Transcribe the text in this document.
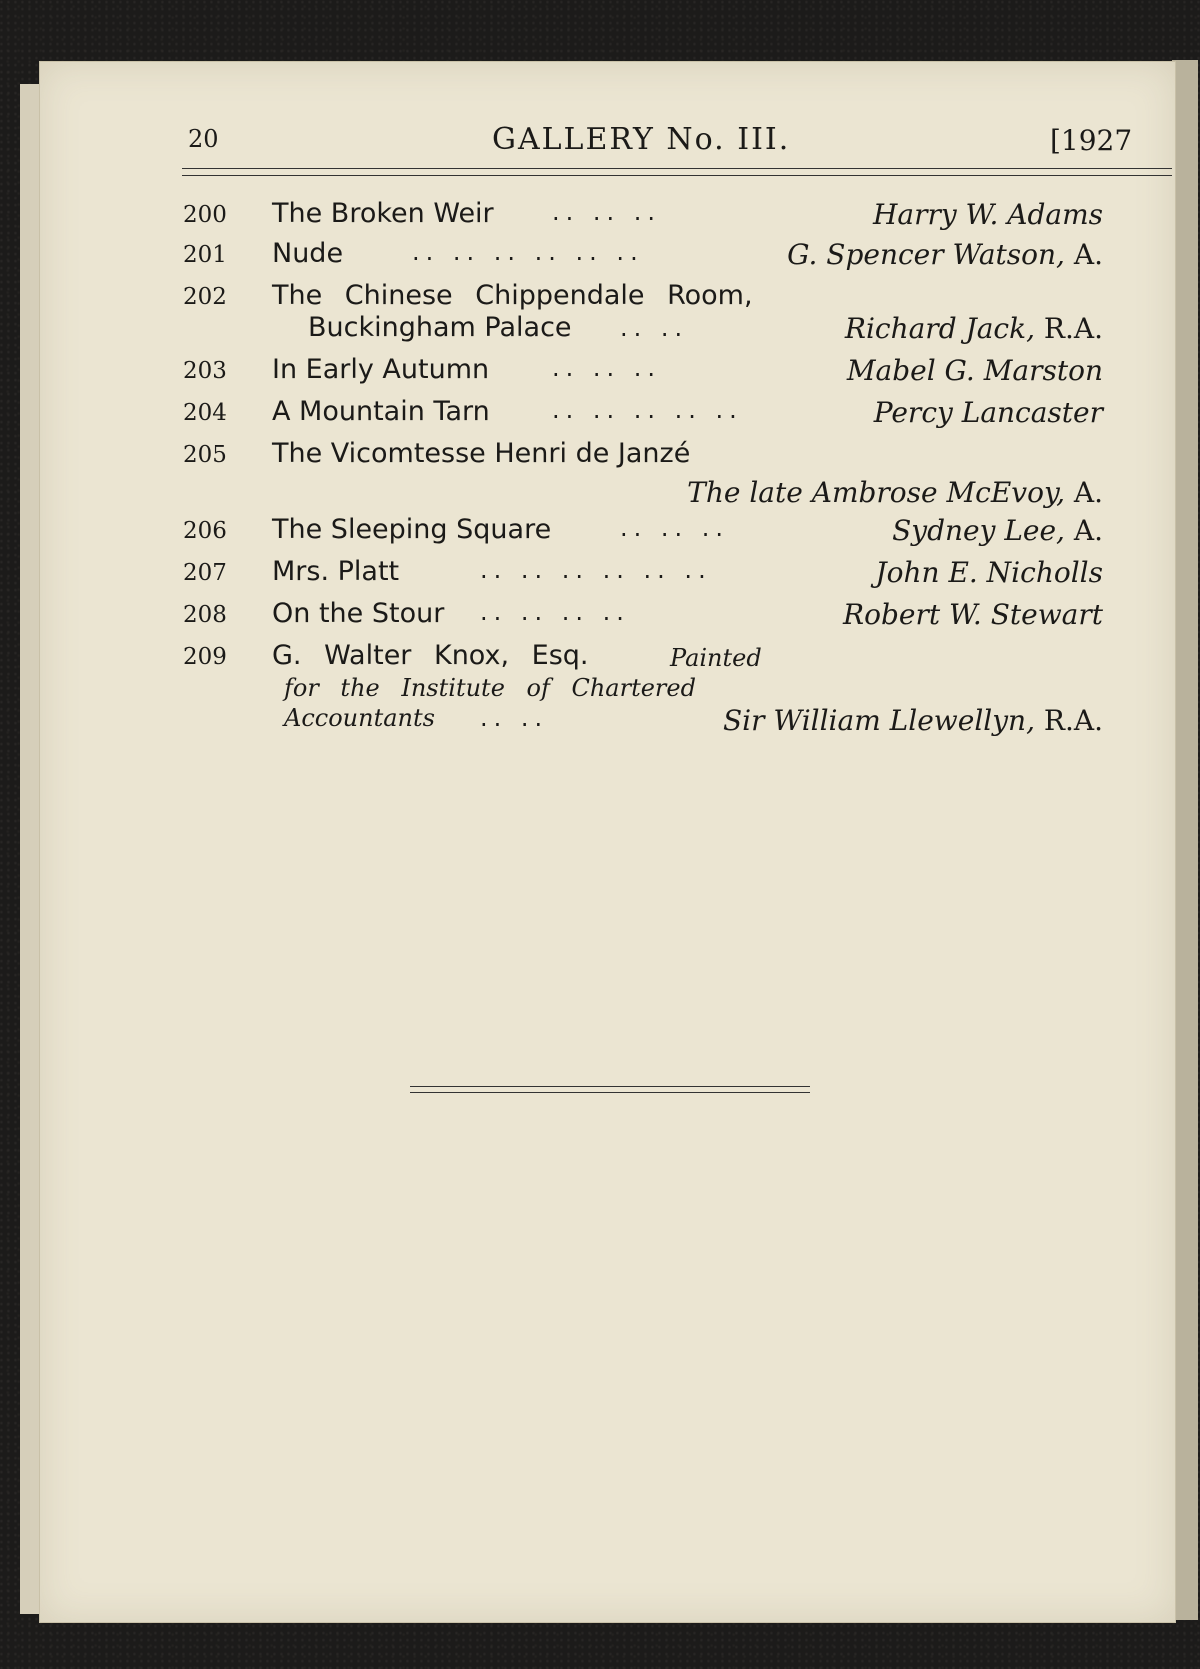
20	GALLERY No. III.	[1927
200 The Broken Weir .. .. ..	Harry W. Adams
201 Nude	.. .. .. .. .. ..	G. Spencer Watson, A.
202 The Chinese Chippendale Room,
Buckingham Palace .. ..	Richard Jack, R.A.
203 In Early Autumn	.. .. ..	Mabel G. Marston
204 A Mountain Tarn	.. .. .. .. ..	Percy Lancaster
205 The Vicomtesse Henri de Janzé
The late Ambrose McEvoy, A.
206 The Sleeping Square	.. .. ..	Sydney Lee, A.
207 Mrs. Platt	.. .. .. .. .. ..	John E. Nicholls
208 On the Stour .. .. .. ..	Robert W. Stewart
209 G. Walter Knox, Esq.	Painted
for the Institute of Chartered
Accountants .. ..	Sir William Llewellyn, R.A.
